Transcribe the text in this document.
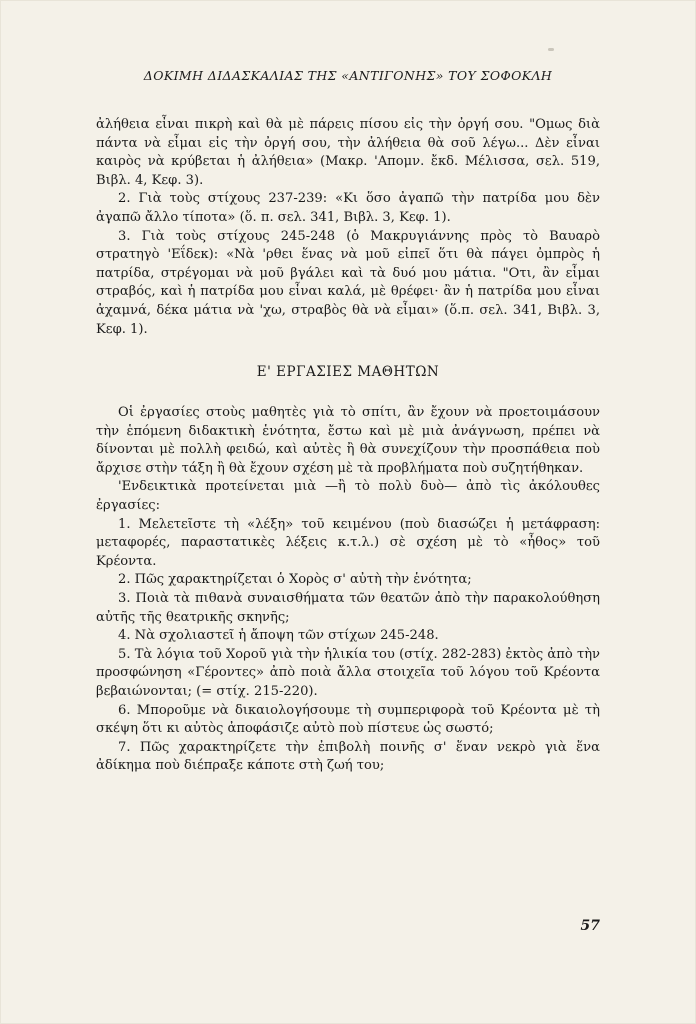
ΔΟΚΙΜΗ ΔΙΔΑΣΚΑΛΙΑΣ ΤΗΣ «ΑΝΤΙΓΟΝΗΣ» ΤΟΥ ΣΟΦΟΚΛΗ

ἀλήθεια εἶναι πικρὴ καὶ θὰ μὲ πάρεις πίσου εἰς τὴν ὀργή σου. "Ομως διὰ πάντα νὰ εἶμαι εἰς τὴν ὀργή σου, τὴν ἀλήθεια θὰ σοῦ λέγω... Δὲν εἶναι καιρὸς νὰ κρύβεται ἡ ἀλήθεια» (Μακρ. 'Απομν. ἔκδ. Μέλισσα, σελ. 519, Βιβλ. 4, Κεφ. 3).

2. Γιὰ τοὺς στίχους 237-239: «Κι ὅσο ἀγαπῶ τὴν πατρίδα μου δὲν ἀγαπῶ ἄλλο τίποτα» (ὅ. π. σελ. 341, Βιβλ. 3, Κεφ. 1).

3. Γιὰ τοὺς στίχους 245-248 (ὁ Μακρυγιάννης πρὸς τὸ Βαυαρὸ στρατηγὸ 'Εΐδεκ): «Νὰ 'ρθει ἕνας νὰ μοῦ εἰπεῖ ὅτι θὰ πάγει ὀμπρὸς ἡ πατρίδα, στρέγομαι νὰ μοῦ βγάλει καὶ τὰ δυό μου μάτια. "Οτι, ἂν εἶμαι στραβός, καὶ ἡ πατρίδα μου εἶναι καλά, μὲ θρέφει· ἂν ἡ πατρίδα μου εἶναι ἀχαμνά, δέκα μάτια νὰ 'χω, στραβὸς θὰ νὰ εἶμαι» (ὅ.π. σελ. 341, Βιβλ. 3, Κεφ. 1).

Ε' ΕΡΓΑΣΙΕΣ ΜΑΘΗΤΩΝ

Οἱ ἐργασίες στοὺς μαθητὲς γιὰ τὸ σπίτι, ἂν ἔχουν νὰ προετοιμάσουν τὴν ἑπόμενη διδακτικὴ ἑνότητα, ἔστω καὶ μὲ μιὰ ἀνάγνωση, πρέπει νὰ δίνονται μὲ πολλὴ φειδώ, καὶ αὐτὲς ἢ θὰ συνεχίζουν τὴν προσπάθεια ποὺ ἄρχισε στὴν τάξη ἢ θὰ ἔχουν σχέση μὲ τὰ προβλήματα ποὺ συζητήθηκαν.

'Ενδεικτικὰ προτείνεται μιὰ —ἢ τὸ πολὺ δυὸ— ἀπὸ τὶς ἀκόλουθες ἐργασίες:

1. Μελετεῖστε τὴ «λέξη» τοῦ κειμένου (ποὺ διασώζει ἡ μετάφραση: μεταφορές, παραστατικὲς λέξεις κ.τ.λ.) σὲ σχέση μὲ τὸ «ἦθος» τοῦ Κρέοντα.

2. Πῶς χαρακτηρίζεται ὁ Χορὸς σ' αὐτὴ τὴν ἑνότητα;

3. Ποιὰ τὰ πιθανὰ συναισθήματα τῶν θεατῶν ἀπὸ τὴν παρακολούθηση αὐτῆς τῆς θεατρικῆς σκηνῆς;

4. Νὰ σχολιαστεῖ ἡ ἄποψη τῶν στίχων 245-248.

5. Τὰ λόγια τοῦ Χοροῦ γιὰ τὴν ἡλικία του (στίχ. 282-283) ἐκτὸς ἀπὸ τὴν προσφώνηση «Γέροντες» ἀπὸ ποιὰ ἄλλα στοιχεῖα τοῦ λόγου τοῦ Κρέοντα βεβαιώνονται; (= στίχ. 215-220).

6. Μποροῦμε νὰ δικαιολογήσουμε τὴ συμπεριφορὰ τοῦ Κρέοντα μὲ τὴ σκέψη ὅτι κι αὐτὸς ἀποφάσιζε αὐτὸ ποὺ πίστευε ὡς σωστό;

7. Πῶς χαρακτηρίζετε τὴν ἐπιβολὴ ποινῆς σ' ἕναν νεκρὸ γιὰ ἕνα ἀδίκημα ποὺ διέπραξε κάποτε στὴ ζωή του;

57
